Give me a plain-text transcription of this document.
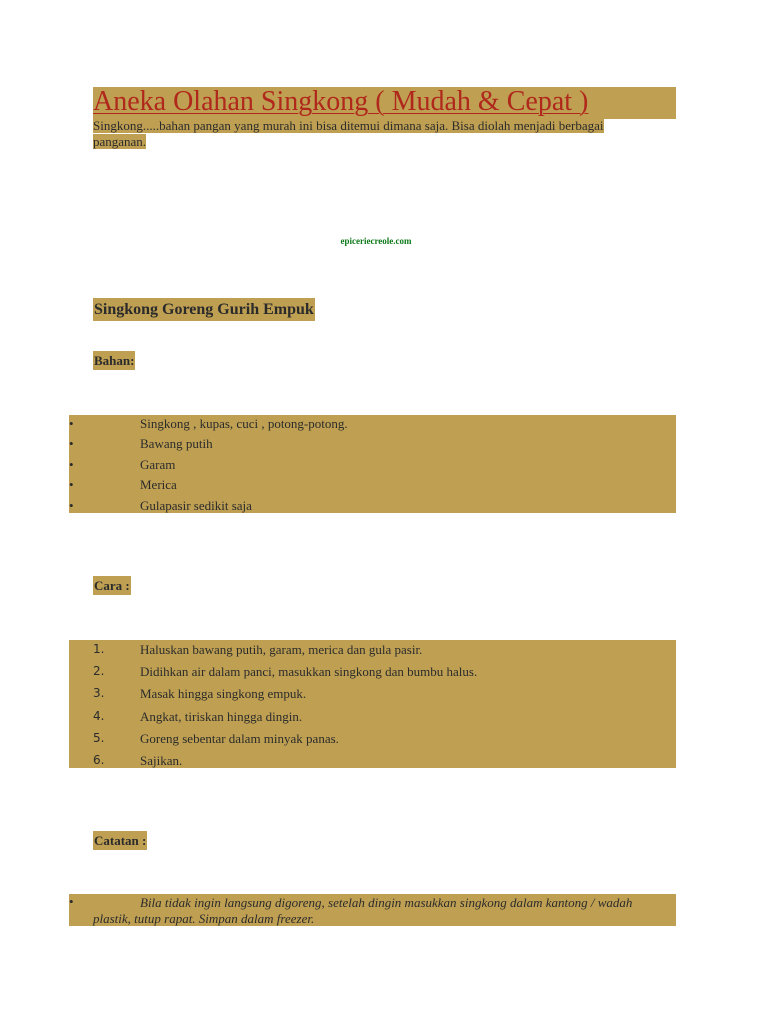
Aneka Olahan Singkong ( Mudah & Cepat )
Singkong.....bahan pangan yang murah ini bisa ditemui dimana saja. Bisa diolah menjadi berbagai panganan.
epiceriecreole.com
Singkong Goreng Gurih Empuk
Bahan:
•	Singkong , kupas, cuci , potong-potong.
•	Bawang putih
•	Garam
•	Merica
•	Gulapasir sedikit saja
Cara :
1.	Haluskan bawang putih, garam, merica dan gula pasir.
2.	Didihkan air dalam panci, masukkan singkong dan bumbu halus.
3.	Masak hingga singkong empuk.
4.	Angkat, tiriskan hingga dingin.
5.	Goreng sebentar dalam minyak panas.
6.	Sajikan.
Catatan :
•	Bila tidak ingin langsung digoreng, setelah dingin masukkan singkong dalam kantong / wadah plastik, tutup rapat. Simpan dalam freezer.
